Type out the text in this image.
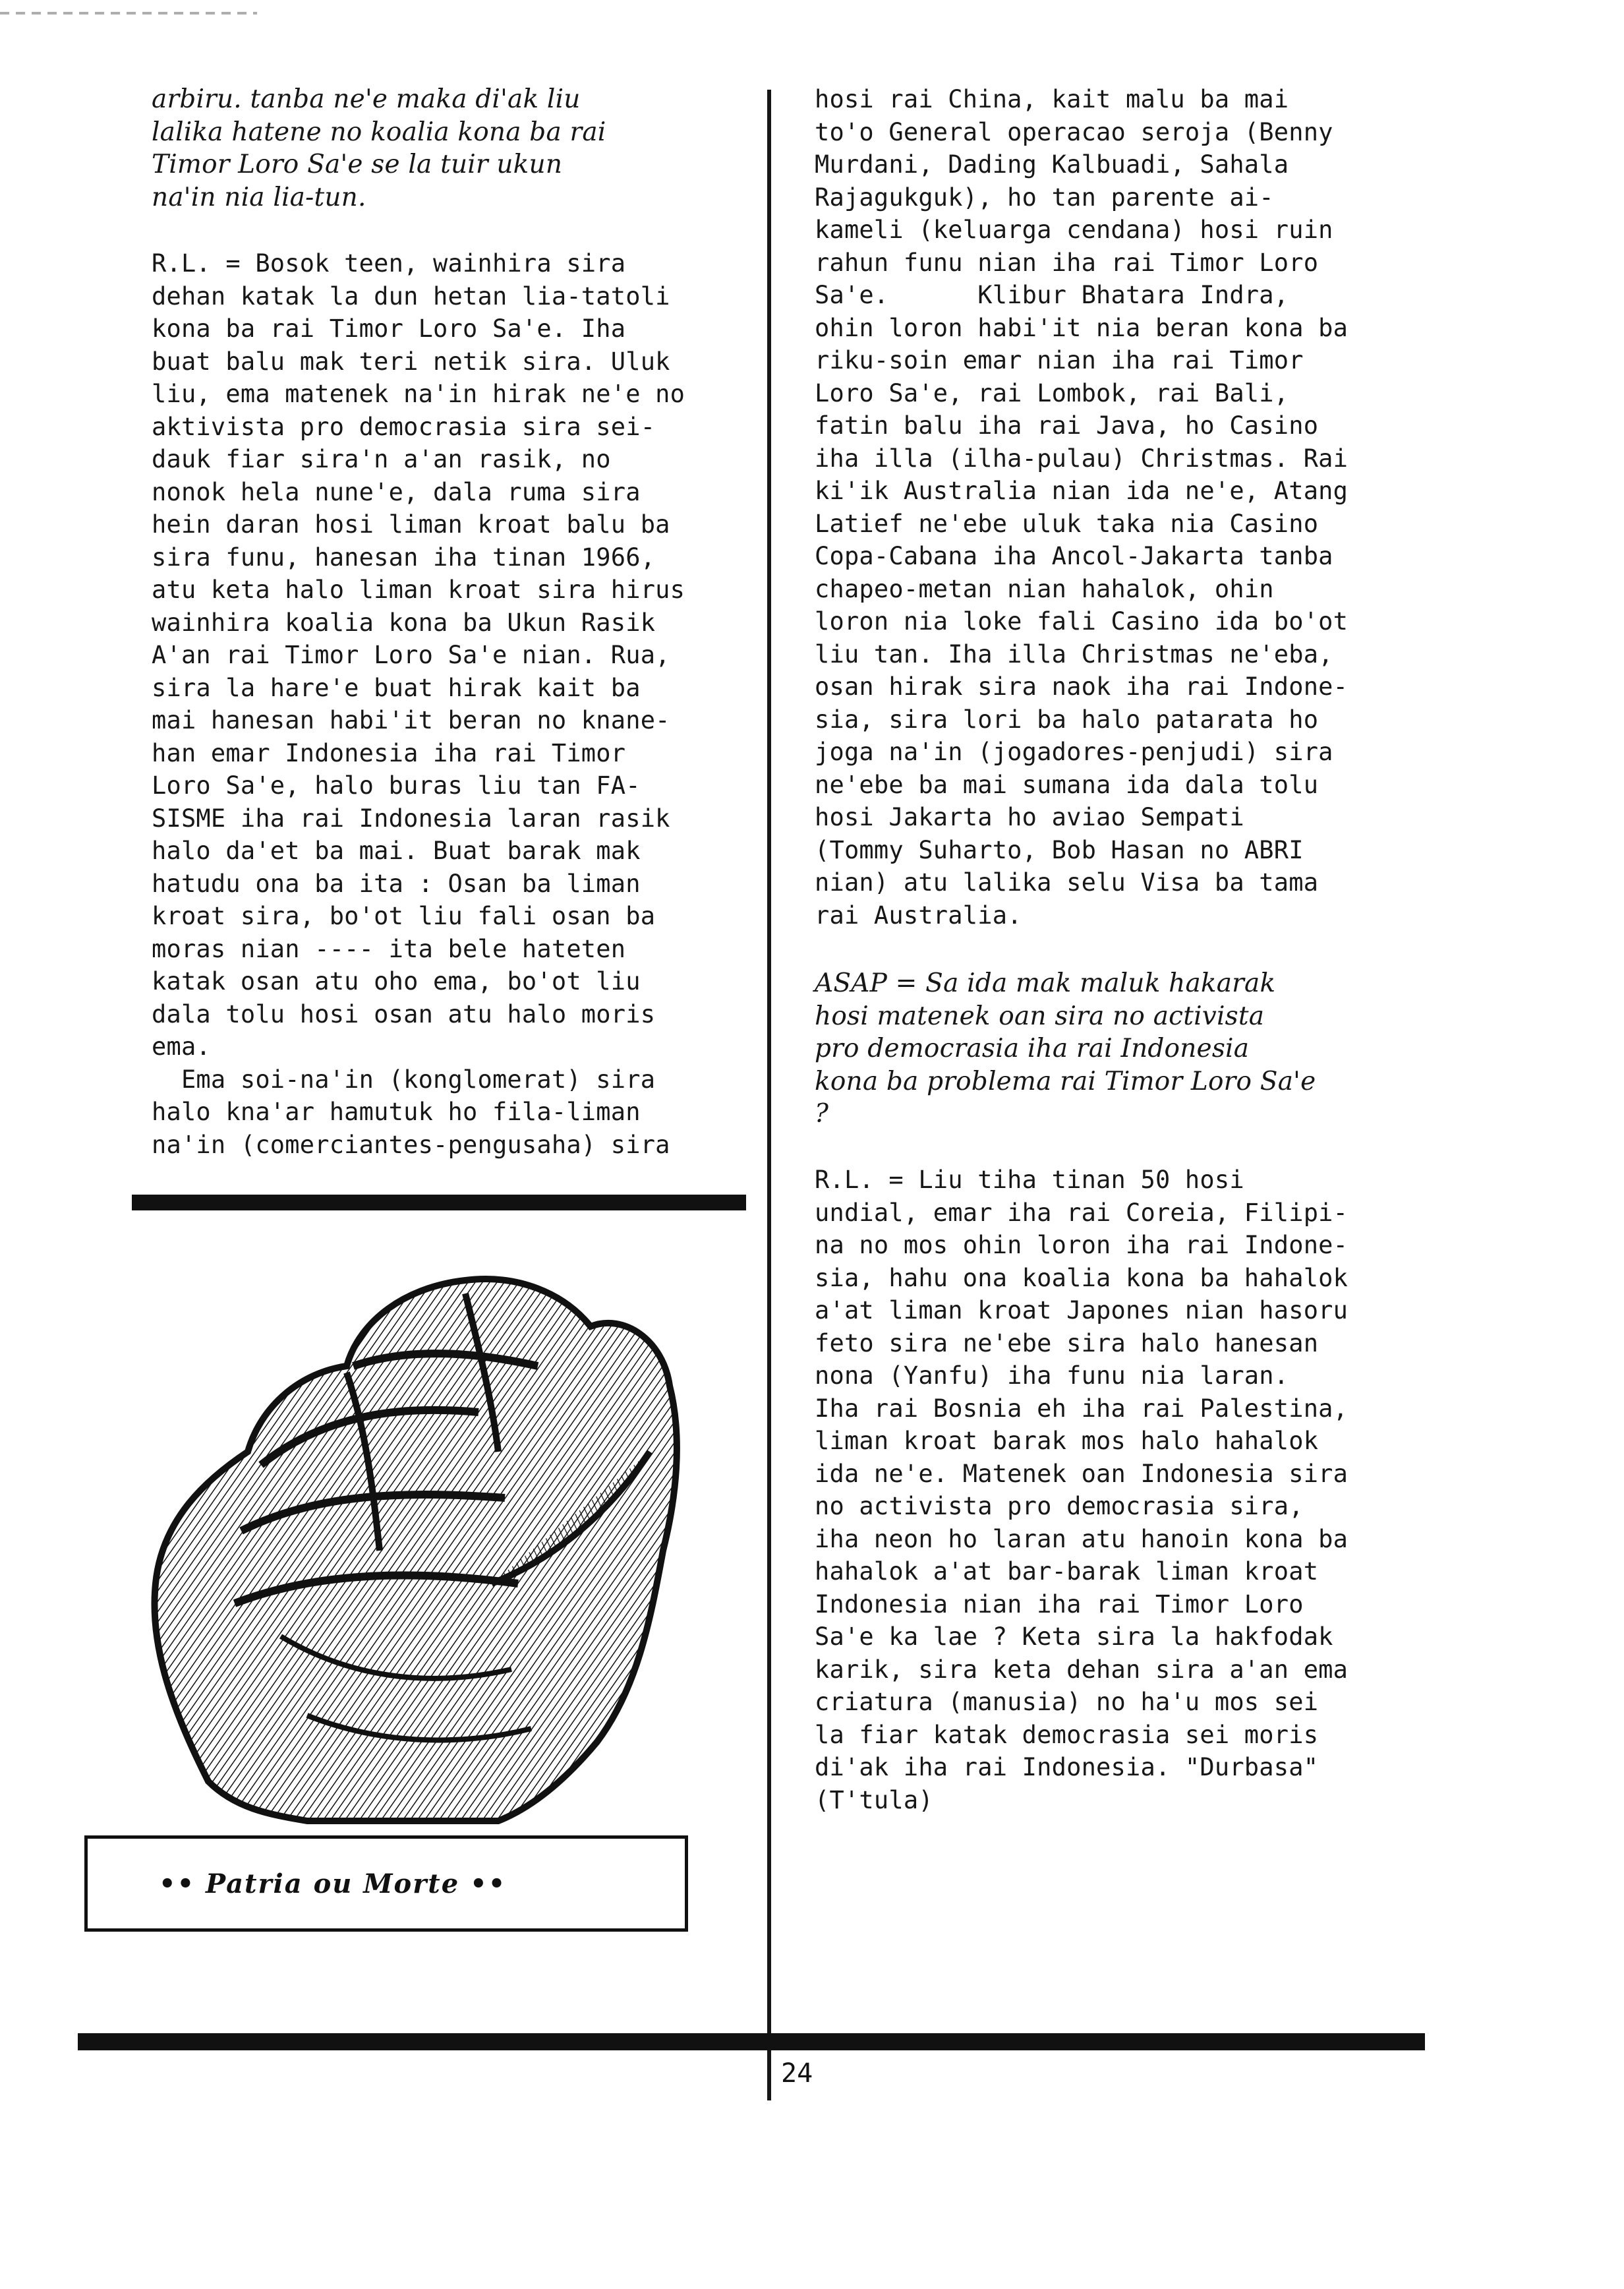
arbiru. tanba ne'e maka di'ak liu
lalika hatene no koalia kona ba rai
Timor Loro Sa'e se la tuir ukun
na'in nia lia-tun.
R.L. = Bosok teen, wainhira sira
dehan katak la dun hetan lia-tatoli
kona ba rai Timor Loro Sa'e. Iha
buat balu mak teri netik sira. Uluk
liu, ema matenek na'in hirak ne'e no
aktivista pro democrasia sira sei-
dauk fiar sira'n a'an rasik, no
nonok hela nune'e, dala ruma sira
hein daran hosi liman kroat balu ba
sira funu, hanesan iha tinan 1966,
atu keta halo liman kroat sira hirus
wainhira koalia kona ba Ukun Rasik
A'an rai Timor Loro Sa'e nian. Rua,
sira la hare'e buat hirak kait ba
mai hanesan habi'it beran no knane-
han emar Indonesia iha rai Timor
Loro Sa'e, halo buras liu tan FA-
SISME iha rai Indonesia laran rasik
halo da'et ba mai. Buat barak mak
hatudu ona ba ita : Osan ba liman
kroat sira, bo'ot liu fali osan ba
moras nian ---- ita bele hateten
katak osan atu oho ema, bo'ot liu
dala tolu hosi osan atu halo moris
ema.
Ema soi-na'in (konglomerat) sira
halo kna'ar hamutuk ho fila-liman
na'in (comerciantes-pengusaha) sira
•• Patria ou Morte ••
hosi rai China, kait malu ba mai
to'o General operacao seroja (Benny
Murdani, Dading Kalbuadi, Sahala
Rajagukguk), ho tan parente ai-
kameli (keluarga cendana) hosi ruin
rahun funu nian iha rai Timor Loro
Sa'e.      Klibur Bhatara Indra,
ohin loron habi'it nia beran kona ba
riku-soin emar nian iha rai Timor
Loro Sa'e, rai Lombok, rai Bali,
fatin balu iha rai Java, ho Casino
iha illa (ilha-pulau) Christmas. Rai
ki'ik Australia nian ida ne'e, Atang
Latief ne'ebe uluk taka nia Casino
Copa-Cabana iha Ancol-Jakarta tanba
chapeo-metan nian hahalok, ohin
loron nia loke fali Casino ida bo'ot
liu tan. Iha illa Christmas ne'eba,
osan hirak sira naok iha rai Indone-
sia, sira lori ba halo patarata ho
joga na'in (jogadores-penjudi) sira
ne'ebe ba mai sumana ida dala tolu
hosi Jakarta ho aviao Sempati
(Tommy Suharto, Bob Hasan no ABRI
nian) atu lalika selu Visa ba tama
rai Australia.
ASAP = Sa ida mak maluk hakarak
hosi matenek oan sira no activista
pro democrasia iha rai Indonesia
kona ba problema rai Timor Loro Sa'e
?
R.L. = Liu tiha tinan 50 hosi
undial, emar iha rai Coreia, Filipi-
na no mos ohin loron iha rai Indone-
sia, hahu ona koalia kona ba hahalok
a'at liman kroat Japones nian hasoru
feto sira ne'ebe sira halo hanesan
nona (Yanfu) iha funu nia laran.
Iha rai Bosnia eh iha rai Palestina,
liman kroat barak mos halo hahalok
ida ne'e. Matenek oan Indonesia sira
no activista pro democrasia sira,
iha neon ho laran atu hanoin kona ba
hahalok a'at bar-barak liman kroat
Indonesia nian iha rai Timor Loro
Sa'e ka lae ? Keta sira la hakfodak
karik, sira keta dehan sira a'an ema
criatura (manusia) no ha'u mos sei
la fiar katak democrasia sei moris
di'ak iha rai Indonesia. "Durbasa"
(T'tula)
24
